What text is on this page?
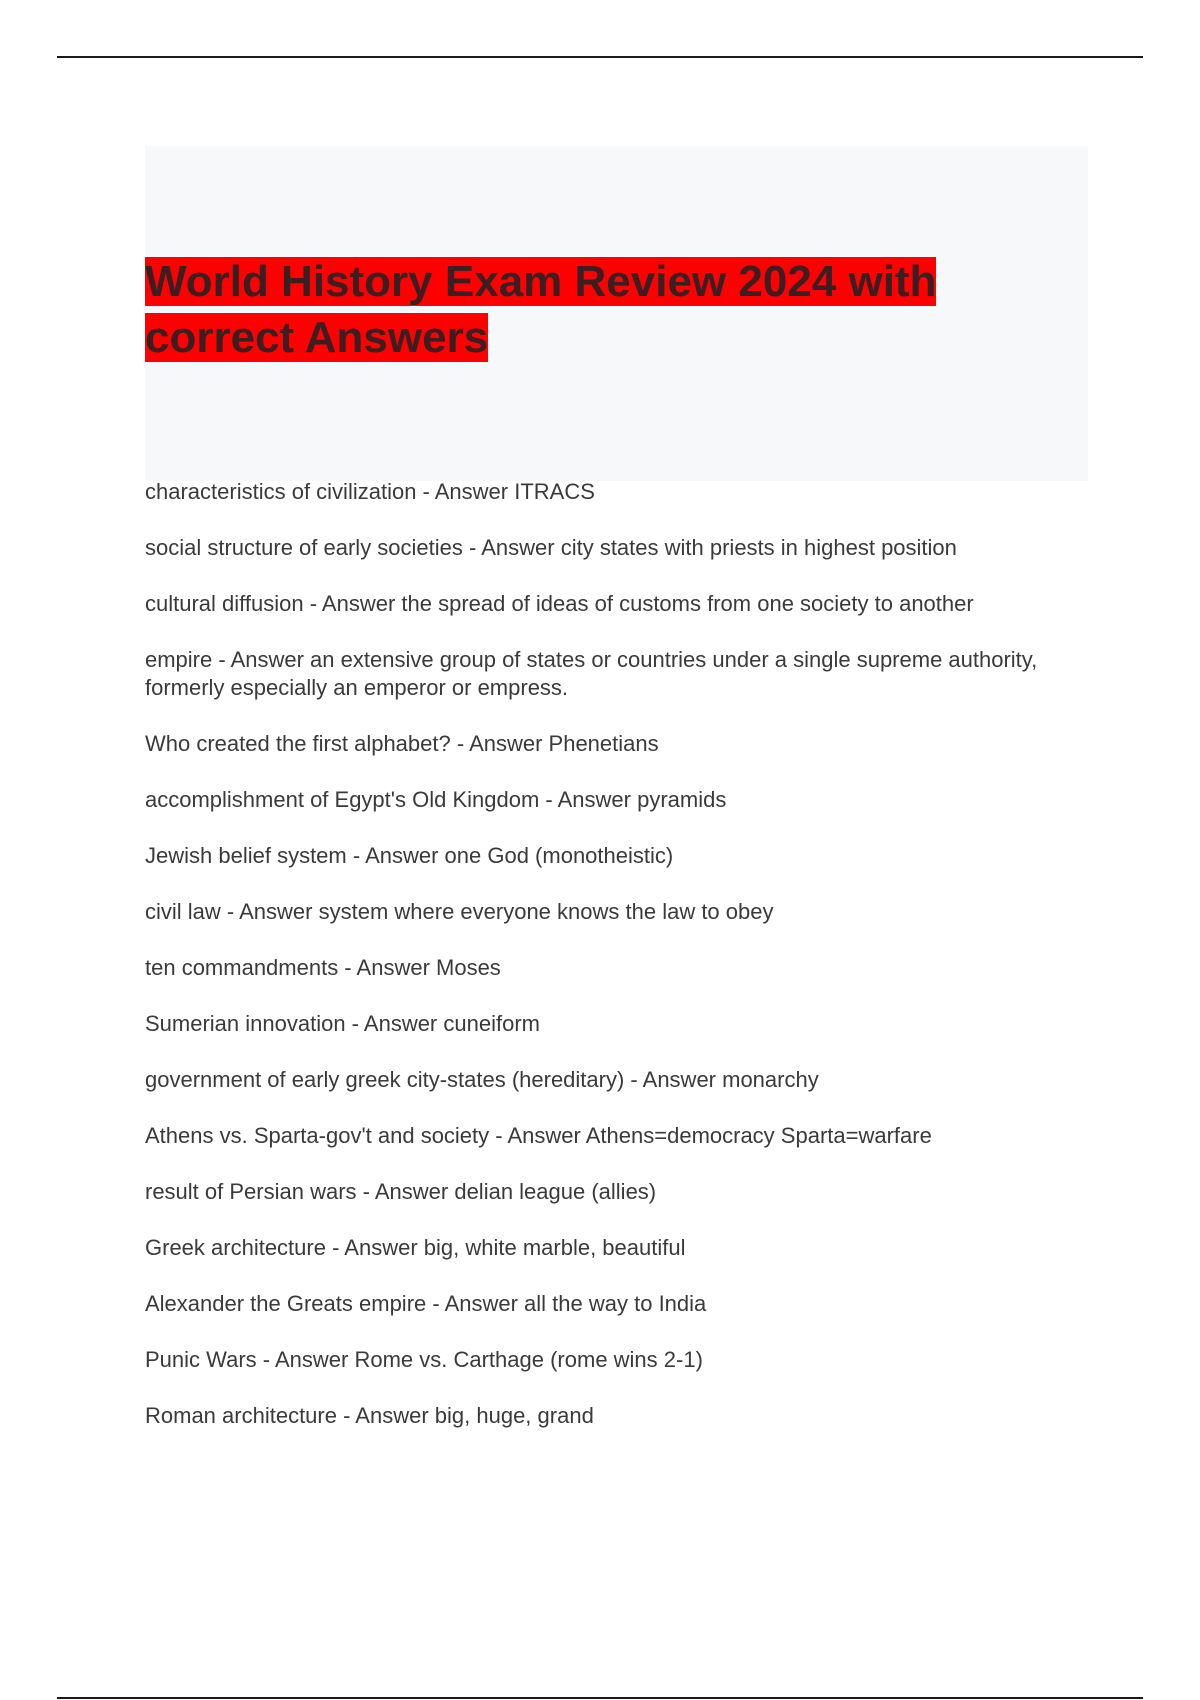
World History Exam Review 2024 with correct Answers
characteristics of civilization - Answer ITRACS
social structure of early societies - Answer city states with priests in highest position
cultural diffusion - Answer the spread of ideas of customs from one society to another
empire - Answer an extensive group of states or countries under a single supreme authority, formerly especially an emperor or empress.
Who created the first alphabet? - Answer Phenetians
accomplishment of Egypt's Old Kingdom - Answer pyramids
Jewish belief system - Answer one God (monotheistic)
civil law - Answer system where everyone knows the law to obey
ten commandments - Answer Moses
Sumerian innovation - Answer cuneiform
government of early greek city-states (hereditary) - Answer monarchy
Athens vs. Sparta-gov't and society - Answer Athens=democracy Sparta=warfare
result of Persian wars - Answer delian league (allies)
Greek architecture - Answer big, white marble, beautiful
Alexander the Greats empire - Answer all the way to India
Punic Wars - Answer Rome vs. Carthage (rome wins 2-1)
Roman architecture - Answer big, huge, grand
